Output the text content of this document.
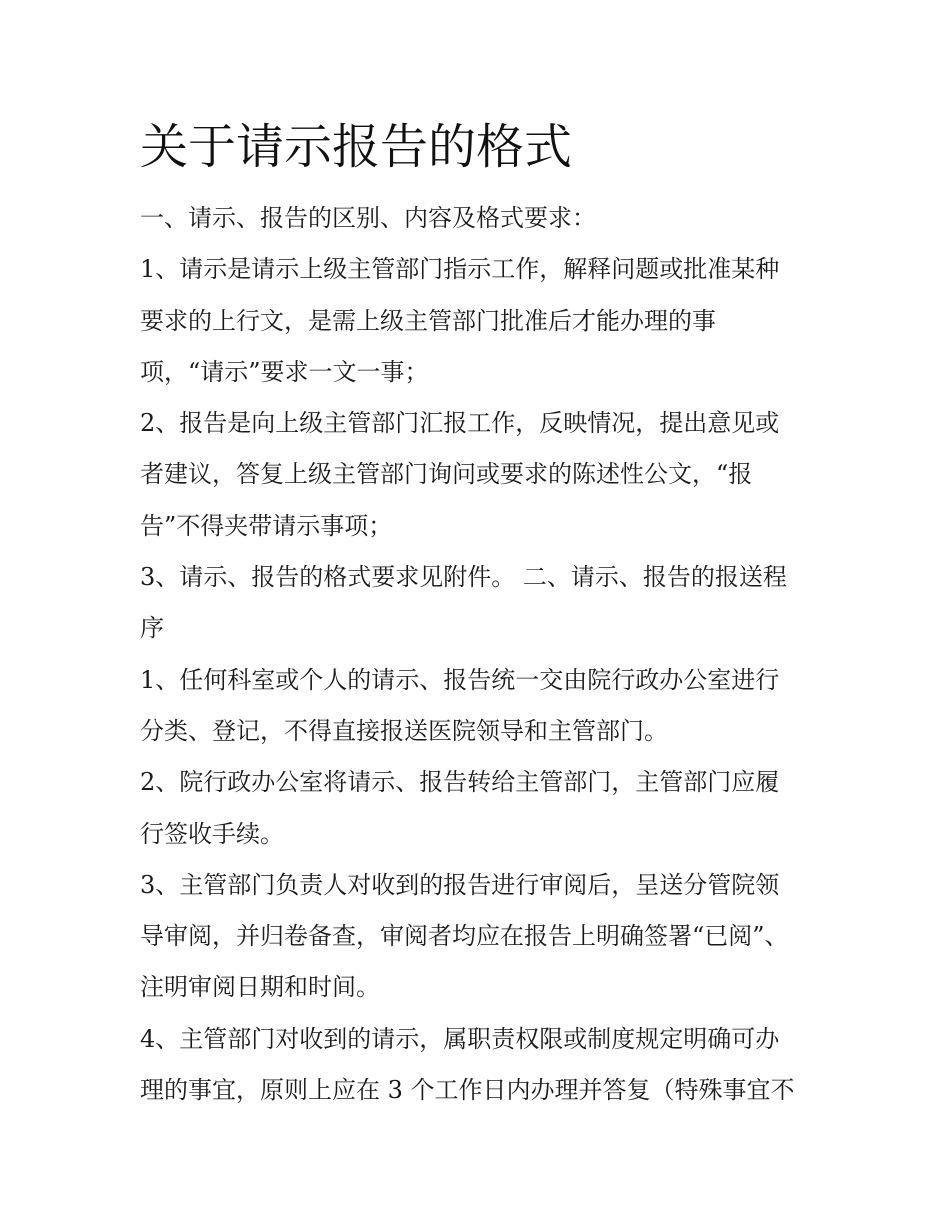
关于请示报告的格式
一、请示、报告的区别、内容及格式要求：
1、请示是请示上级主管部门指示工作，解释问题或批准某种
要求的上行文，是需上级主管部门批准后才能办理的事
项，“请示”要求一文一事；
2、报告是向上级主管部门汇报工作，反映情况，提出意见或
者建议，答复上级主管部门询问或要求的陈述性公文，“报
告”不得夹带请示事项；
3、请示、报告的格式要求见附件。 二、请示、报告的报送程
序
1、任何科室或个人的请示、报告统一交由院行政办公室进行
分类、登记，不得直接报送医院领导和主管部门。
2、院行政办公室将请示、报告转给主管部门，主管部门应履
行签收手续。
3、主管部门负责人对收到的报告进行审阅后，呈送分管院领
导审阅，并归卷备查，审阅者均应在报告上明确签署“已阅”、
注明审阅日期和时间。
4、主管部门对收到的请示，属职责权限或制度规定明确可办
理的事宜，原则上应在 3 个工作日内办理并答复（特殊事宜不
